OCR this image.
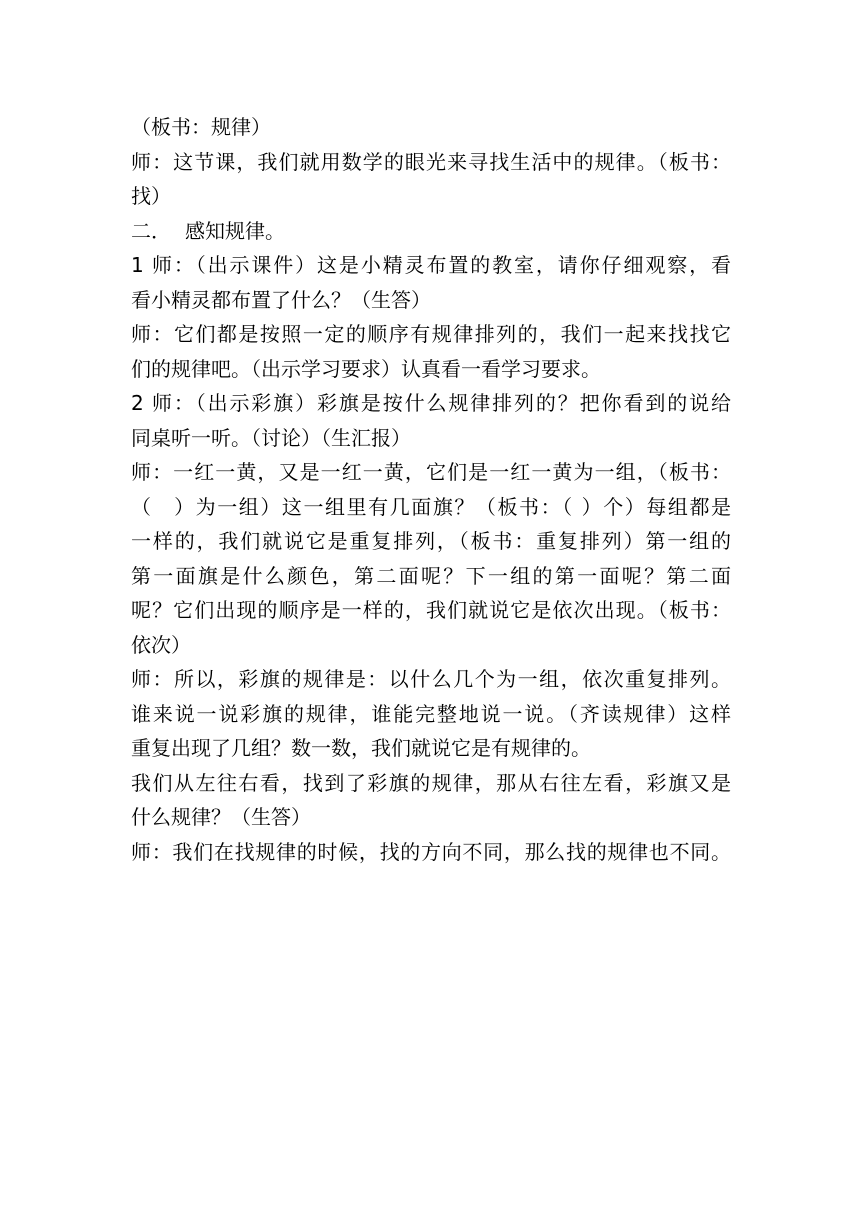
（板书：规律）
师：这节课，我们就用数学的眼光来寻找生活中的规律。（板书：
找）
二． 感知规律。
1 师：（出示课件）这是小精灵布置的教室，请你仔细观察，看
看小精灵都布置了什么？（生答）
师：它们都是按照一定的顺序有规律排列的，我们一起来找找它
们的规律吧。（出示学习要求）认真看一看学习要求。
2 师：（出示彩旗）彩旗是按什么规律排列的？把你看到的说给
同桌听一听。（讨论）（生汇报）
师：一红一黄，又是一红一黄，它们是一红一黄为一组，（板书：
（　）为一组）这一组里有几面旗？（板书：（ ）个）每组都是
一样的，我们就说它是重复排列，（板书：重复排列）第一组的
第一面旗是什么颜色，第二面呢？下一组的第一面呢？第二面
呢？它们出现的顺序是一样的，我们就说它是依次出现。（板书：
依次）
师：所以，彩旗的规律是：以什么几个为一组，依次重复排列。
谁来说一说彩旗的规律，谁能完整地说一说。（齐读规律）这样
重复出现了几组？数一数，我们就说它是有规律的。
我们从左往右看，找到了彩旗的规律，那从右往左看，彩旗又是
什么规律？（生答）
师：我们在找规律的时候，找的方向不同，那么找的规律也不同。
